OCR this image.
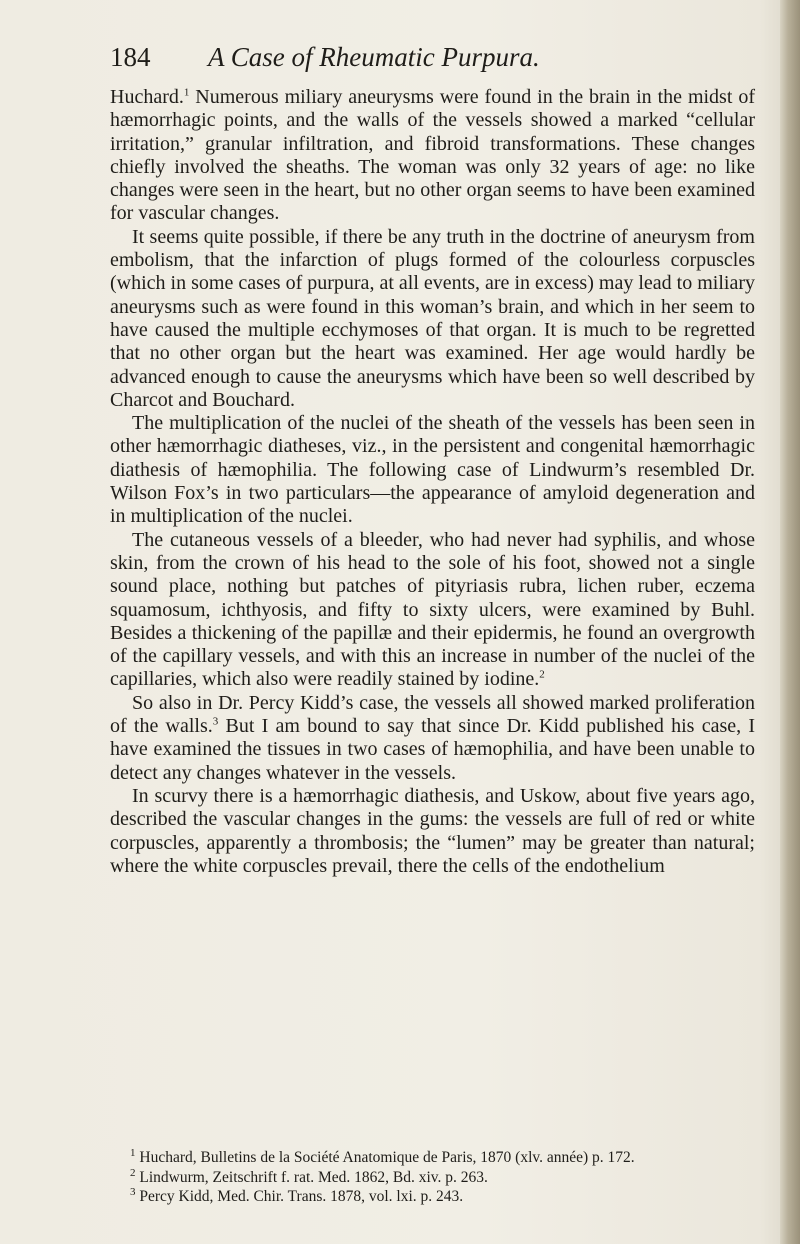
184 A Case of Rheumatic Purpura.

Huchard.$^1$ Numerous miliary aneurysms were found in the brain in the midst of hæmorrhagic points, and the walls of the vessels showed a marked “cellular irritation,” granular infiltration, and fibroid transformations. These changes chiefly involved the sheaths. The woman was only 32 years of age: no like changes were seen in the heart, but no other organ seems to have been examined for vascular changes.

It seems quite possible, if there be any truth in the doctrine of aneurysm from embolism, that the infarction of plugs formed of the colourless corpuscles (which in some cases of purpura, at all events, are in excess) may lead to miliary aneurysms such as were found in this woman’s brain, and which in her seem to have caused the multiple ecchymoses of that organ. It is much to be regretted that no other organ but the heart was examined. Her age would hardly be advanced enough to cause the aneurysms which have been so well described by Charcot and Bouchard.

The multiplication of the nuclei of the sheath of the vessels has been seen in other hæmorrhagic diatheses, viz., in the persistent and congenital hæmorrhagic diathesis of hæmophilia. The following case of Lindwurm’s resembled Dr. Wilson Fox’s in two particulars—the appearance of amyloid degeneration and in multiplication of the nuclei.

The cutaneous vessels of a bleeder, who had never had syphilis, and whose skin, from the crown of his head to the sole of his foot, showed not a single sound place, nothing but patches of pityriasis rubra, lichen ruber, eczema squamosum, ichthyosis, and fifty to sixty ulcers, were examined by Buhl. Besides a thickening of the papillæ and their epidermis, he found an overgrowth of the capillary vessels, and with this an increase in number of the nuclei of the capillaries, which also were readily stained by iodine.$^2$

So also in Dr. Percy Kidd’s case, the vessels all showed marked proliferation of the walls.$^3$ But I am bound to say that since Dr. Kidd published his case, I have examined the tissues in two cases of hæmophilia, and have been unable to detect any changes whatever in the vessels.

In scurvy there is a hæmorrhagic diathesis, and Uskow, about five years ago, described the vascular changes in the gums: the vessels are full of red or white corpuscles, apparently a thrombosis; the “lumen” may be greater than natural; where the white corpuscles prevail, there the cells of the endothelium

$^1$ Huchard, Bulletins de la Société Anatomique de Paris, 1870 (xlv. année) p. 172.

$^2$ Lindwurm, Zeitschrift f. rat. Med. 1862, Bd. xiv. p. 263.

$^3$ Percy Kidd, Med. Chir. Trans. 1878, vol. lxi. p. 243.
